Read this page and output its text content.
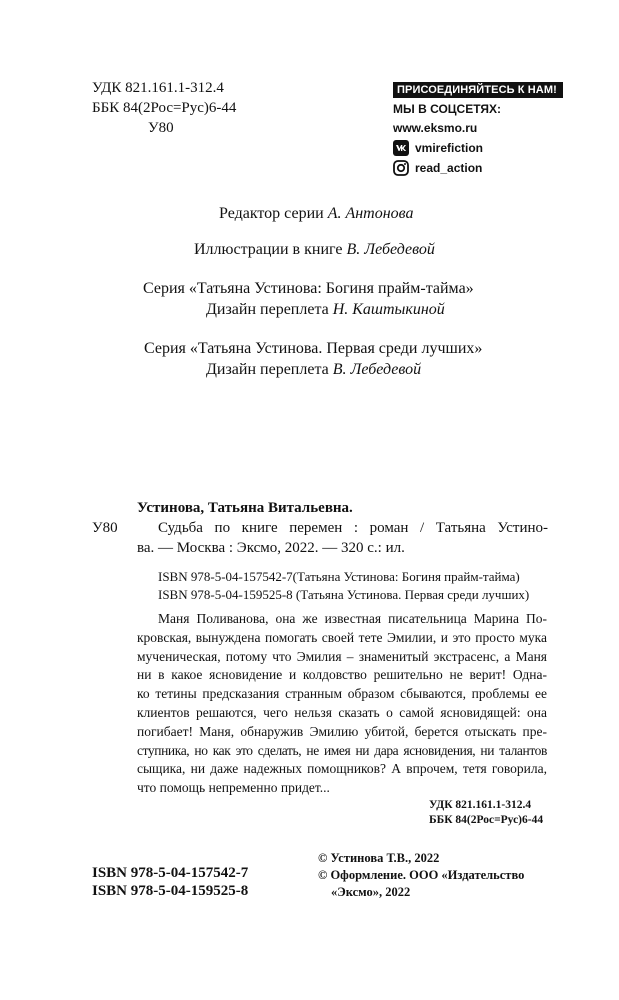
УДК 821.161.1-312.4
ББК 84(2Рос=Рус)6-44
У80
ПРИСОЕДИНЯЙТЕСЬ К НАМ!
МЫ В СОЦСЕТЯХ:
www.eksmo.ru
vmirefiction
read_action
Редактор серии А. Антонова
Иллюстрации в книге В. Лебедевой
Серия «Татьяна Устинова: Богиня прайм-тайма»
Дизайн переплета Н. Каштыкиной
Серия «Татьяна Устинова. Первая среди лучших»
Дизайн переплета В. Лебедевой
Устинова, Татьяна Витальевна.
У80	Судьба по книге перемен : роман / Татьяна Устино-
ва. — Москва : Эксмо, 2022. — 320 с.: ил.
ISBN 978-5-04-157542-7(Татьяна Устинова: Богиня прайм-тайма)
ISBN 978-5-04-159525-8 (Татьяна Устинова. Первая среди лучших)
Маня Поливанова, она же известная писательница Марина По-
кровская, вынуждена помогать своей тете Эмилии, и это просто мука
мученическая, потому что Эмилия – знаменитый экстрасенс, а Маня
ни в какое ясновидение и колдовство решительно не верит! Одна-
ко тетины предсказания странным образом сбываются, проблемы ее
клиентов решаются, чего нельзя сказать о самой ясновидящей: она
погибает! Маня, обнаружив Эмилию убитой, берется отыскать пре-
ступника, но как это сделать, не имея ни дара ясновидения, ни талантов
сыщика, ни даже надежных помощников? А впрочем, тетя говорила,
что помощь непременно придет...
УДК 821.161.1-312.4
ББК 84(2Рос=Рус)6-44
ISBN 978-5-04-157542-7
ISBN 978-5-04-159525-8
© Устинова Т.В., 2022
© Оформление. ООО «Издательство
«Эксмо», 2022
